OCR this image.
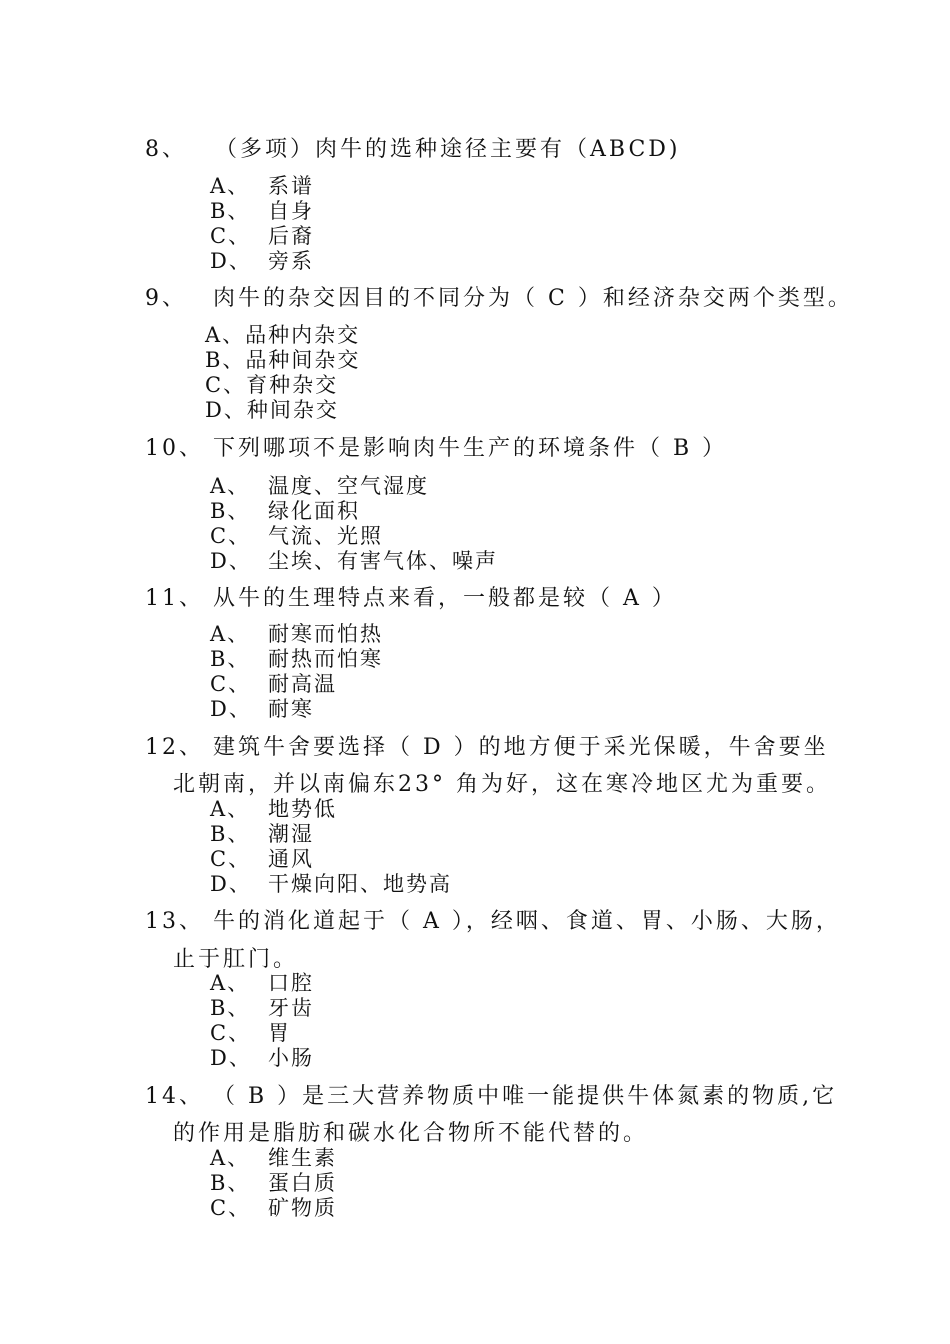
8、 （多项）肉牛的选种途径主要有（ABCD)
A、 系谱
B、 自身
C、 后裔
D、 旁系
9、 肉牛的杂交因目的不同分为（ C ）和经济杂交两个类型。
A、品种内杂交
B、品种间杂交
C、育种杂交
D、种间杂交
10、 下列哪项不是影响肉牛生产的环境条件（ B ）
A、 温度、空气湿度
B、 绿化面积
C、 气流、光照
D、 尘埃、有害气体、噪声
11、 从牛的生理特点来看，一般都是较（ A ）
A、 耐寒而怕热
B、 耐热而怕寒
C、 耐高温
D、 耐寒
12、 建筑牛舍要选择（ D ）的地方便于采光保暖，牛舍要坐
北朝南，并以南偏东23° 角为好，这在寒冷地区尤为重要。
A、 地势低
B、 潮湿
C、 通风
D、 干燥向阳、地势高
13、 牛的消化道起于（ A ），经咽、食道、胃、小肠、大肠，
止于肛门。
A、 口腔
B、 牙齿
C、 胃
D、 小肠
14、 （ B ）是三大营养物质中唯一能提供牛体氮素的物质,它
的作用是脂肪和碳水化合物所不能代替的。
A、 维生素
B、 蛋白质
C、 矿物质
